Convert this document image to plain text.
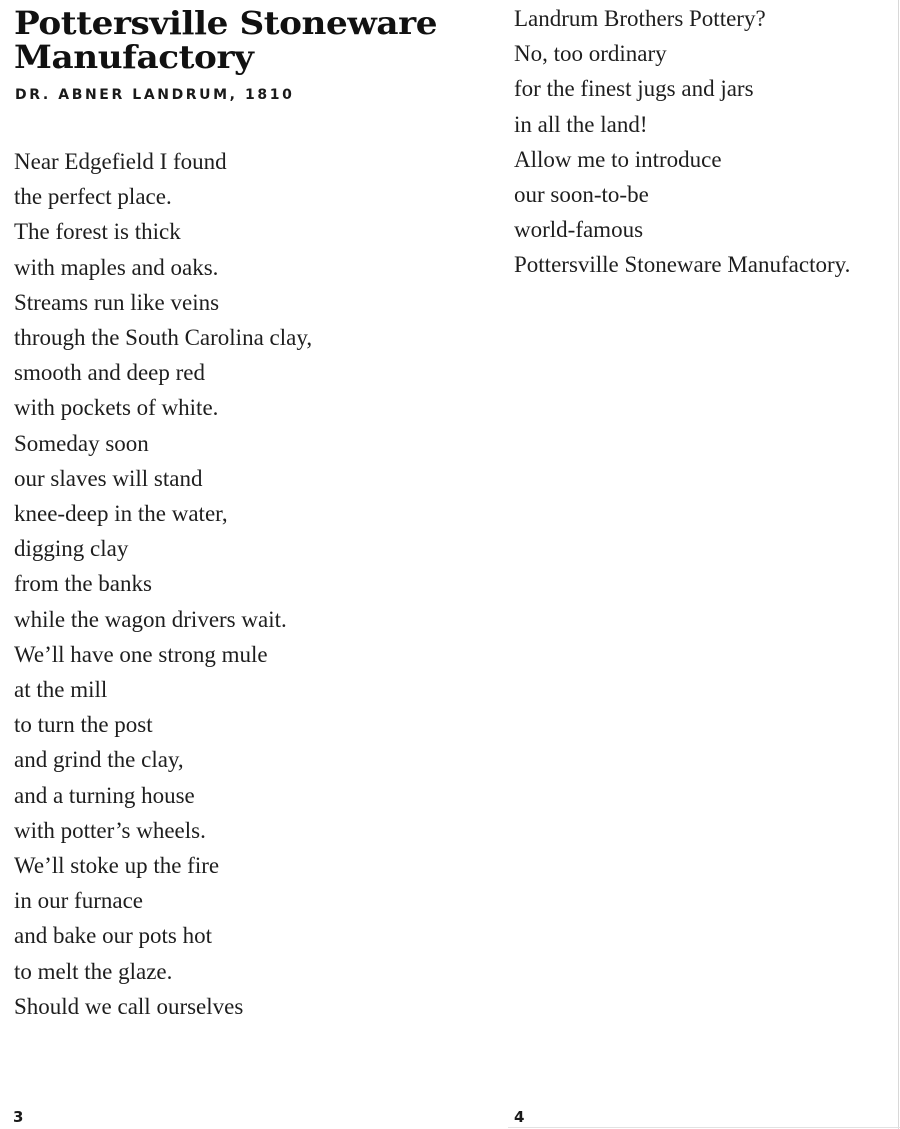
Pottersville Stoneware
Manufactory

DR. ABNER LANDRUM, 1810

Near Edgefield I found
the perfect place.
The forest is thick
with maples and oaks.
Streams run like veins
through the South Carolina clay,
smooth and deep red
with pockets of white.
Someday soon
our slaves will stand
knee-deep in the water,
digging clay
from the banks
while the wagon drivers wait.
We’ll have one strong mule
at the mill
to turn the post
and grind the clay,
and a turning house
with potter’s wheels.
We’ll stoke up the fire
in our furnace
and bake our pots hot
to melt the glaze.
Should we call ourselves
3
Landrum Brothers Pottery?
No, too ordinary
for the finest jugs and jars
in all the land!
Allow me to introduce
our soon-to-be
world-famous
Pottersville Stoneware Manufactory.
4
